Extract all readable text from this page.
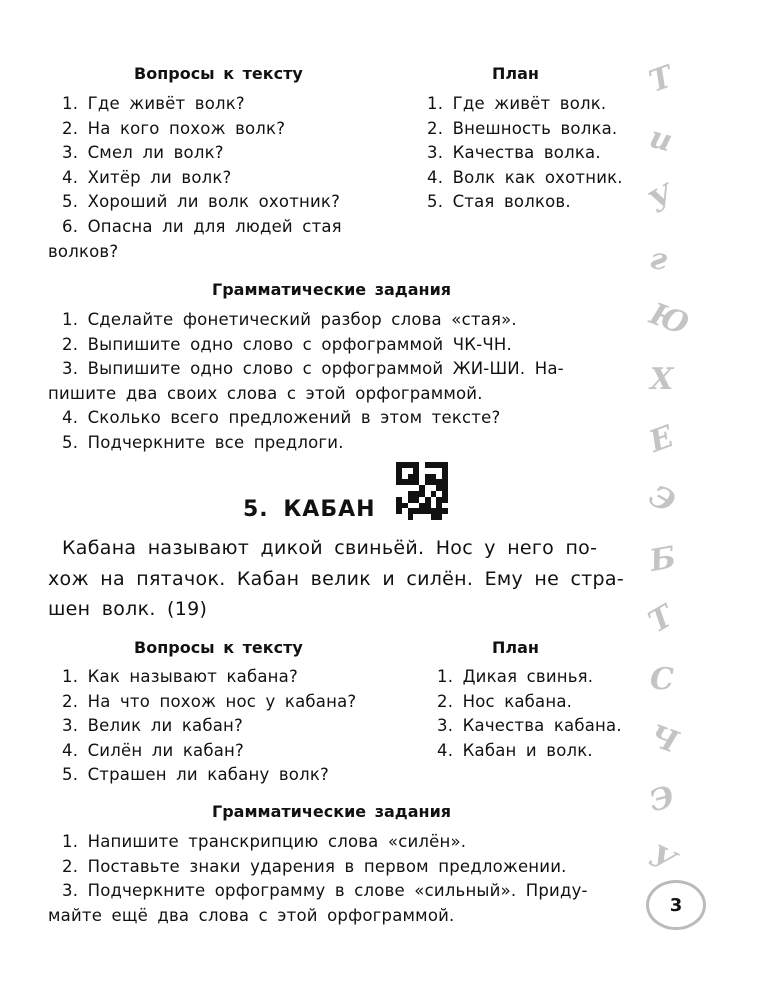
Вопросы к тексту	План
1. Где живёт волк?
2. На кого похож волк?
3. Смел ли волк?
4. Хитёр ли волк?
5. Хороший ли волк охотник?
6. Опасна ли для людей стая
волков?
1. Где живёт волк.
2. Внешность волка.
3. Качества волка.
4. Волк как охотник.
5. Стая волков.
Грамматические задания
1. Сделайте фонетический разбор слова «стая».
2. Выпишите одно слово с орфограммой ЧК-ЧН.
3. Выпишите одно слово с орфограммой ЖИ-ШИ. На-
пишите два своих слова с этой орфограммой.
4. Сколько всего предложений в этом тексте?
5. Подчеркните все предлоги.
5. КАБАН
Кабана называют дикой свиньёй. Нос у него по-
хож на пятачок. Кабан велик и силён. Ему не стра-
шен волк. (19)
Вопросы к тексту	План
1. Как называют кабана?
2. На что похож нос у кабана?
3. Велик ли кабан?
4. Силён ли кабан?
5. Страшен ли кабану волк?
1. Дикая свинья.
2. Нос кабана.
3. Качества кабана.
4. Кабан и волк.
Грамматические задания
1. Напишите транскрипцию слова «силён».
2. Поставьте знаки ударения в первом предложении.
3. Подчеркните орфограмму в слове «сильный». Приду-
майте ещё два слова с этой орфограммой.
Т
и
У
г
Ю
Х
Е
Э
Б
Т
С
Ч
Э
У
3
